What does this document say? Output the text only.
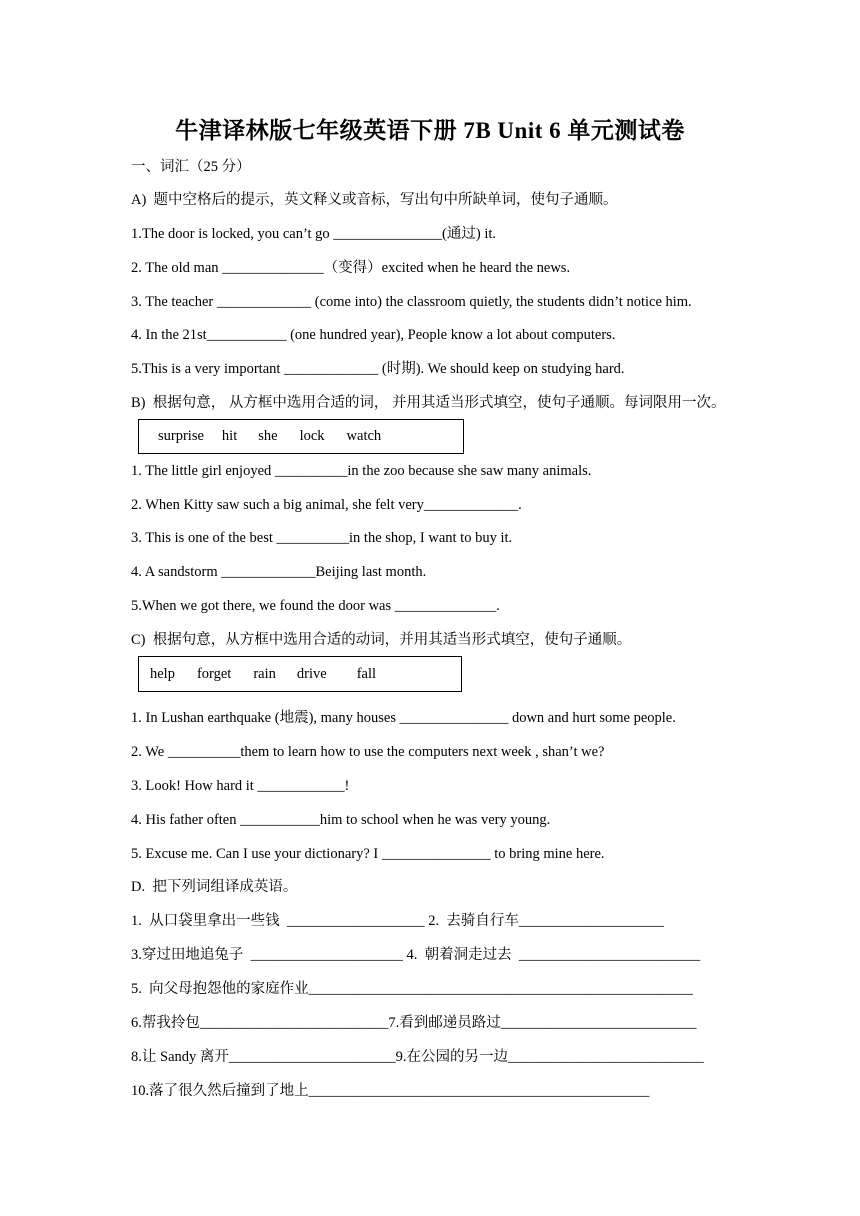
牛津译林版七年级英语下册 7B Unit 6 单元测试卷
一、词汇（25 分）
A)  题中空格后的提示，英文释义或音标，写出句中所缺单词，使句子通顺。
1.The door is locked, you can’t go _______________(通过) it.
2. The old man ______________（变得）excited when he heard the news.
3. The teacher _____________ (come into) the classroom quietly, the students didn’t notice him.
4. In the 21st___________ (one hundred year), People know a lot about computers.
5.This is a very important _____________ (时期). We should keep on studying hard.
B)  根据句意， 从方框中选用合适的词， 并用其适当形式填空，使句子通顺。每词限用一次。
surprise hit she lock watch
1. The little girl enjoyed __________in the zoo because she saw many animals.
2. When Kitty saw such a big animal, she felt very_____________.
3. This is one of the best __________in the shop, I want to buy it.
4. A sandstorm _____________Beijing last month.
5.When we got there, we found the door was ______________.
C)  根据句意，从方框中选用合适的动词，并用其适当形式填空，使句子通顺。
help forget rain drive fall
1. In Lushan earthquake (地震), many houses _______________ down and hurt some people.
2. We __________them to learn how to use the computers next week , shan’t we?
3. Look! How hard it ____________!
4. His father often ___________him to school when he was very young.
5. Excuse me. Can I use your dictionary? I _______________ to bring mine here.
D.  把下列词组译成英语。
1.  从口袋里拿出一些钱  ___________________ 2.  去骑自行车____________________
3.穿过田地追兔子  _____________________ 4.  朝着洞走过去  _________________________
5.  向父母抱怨他的家庭作业_____________________________________________________
6.帮我拎包__________________________7.看到邮递员路过___________________________
8.让 Sandy 离开_______________________9.在公园的另一边___________________________
10.落了很久然后撞到了地上_______________________________________________
